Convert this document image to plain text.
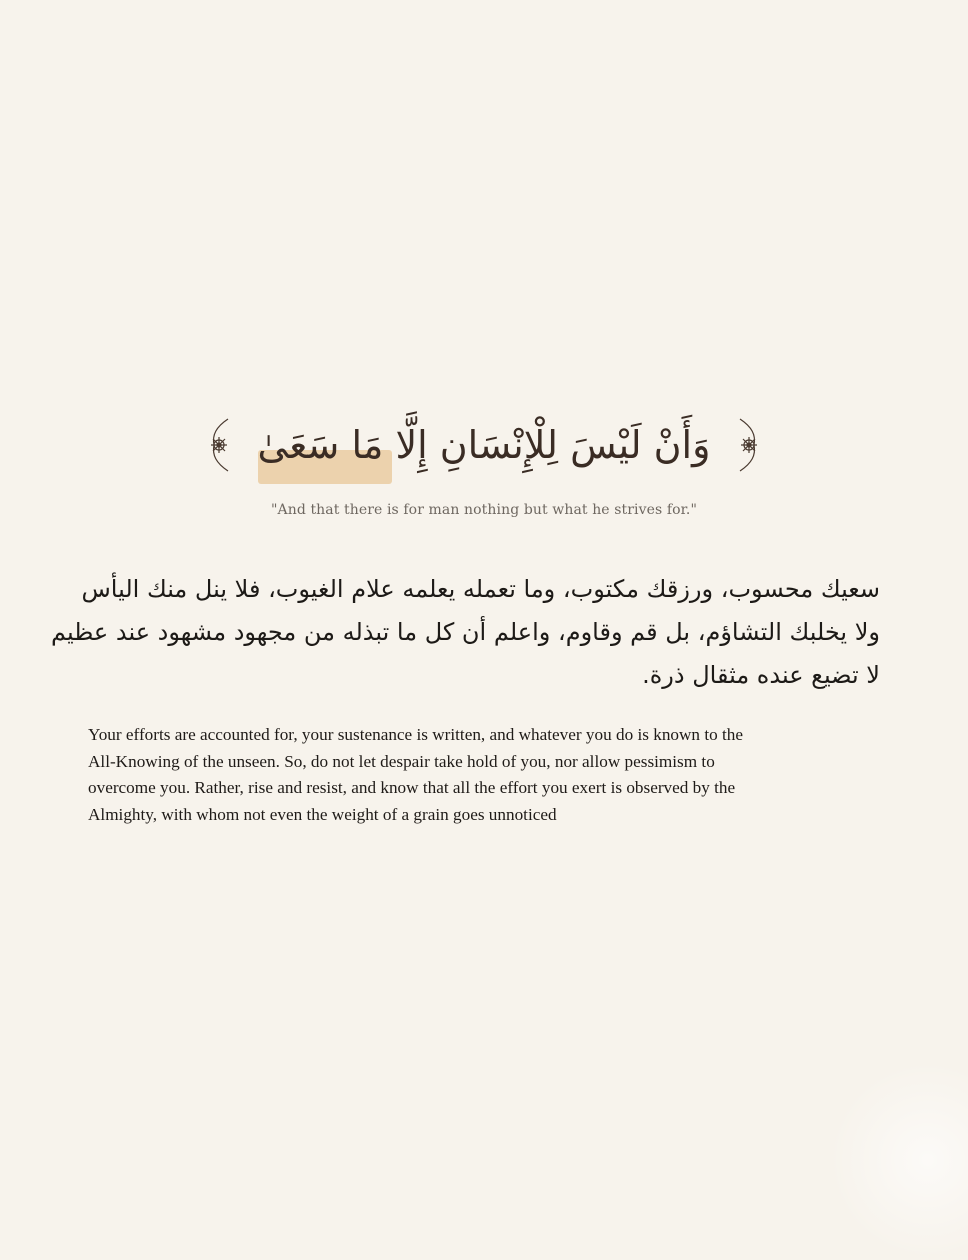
وَأَنْ لَيْسَ لِلْإِنْسَانِ إِلَّا مَا سَعَىٰ
"And that there is for man nothing but what he strives for."
سعيك محسوب، ورزقك مكتوب، وما تعمله يعلمه علام الغيوب، فلا ينل منك اليأس
ولا يخلبك التشاؤم، بل قم وقاوم، واعلم أن كل ما تبذله من مجهود مشهود عند عظيم
لا تضيع عنده مثقال ذرة.
Your efforts are accounted for, your sustenance is written, and whatever you do is known to the
All-Knowing of the unseen. So, do not let despair take hold of you, nor allow pessimism to
overcome you. Rather, rise and resist, and know that all the effort you exert is observed by the
Almighty, with whom not even the weight of a grain goes unnoticed
